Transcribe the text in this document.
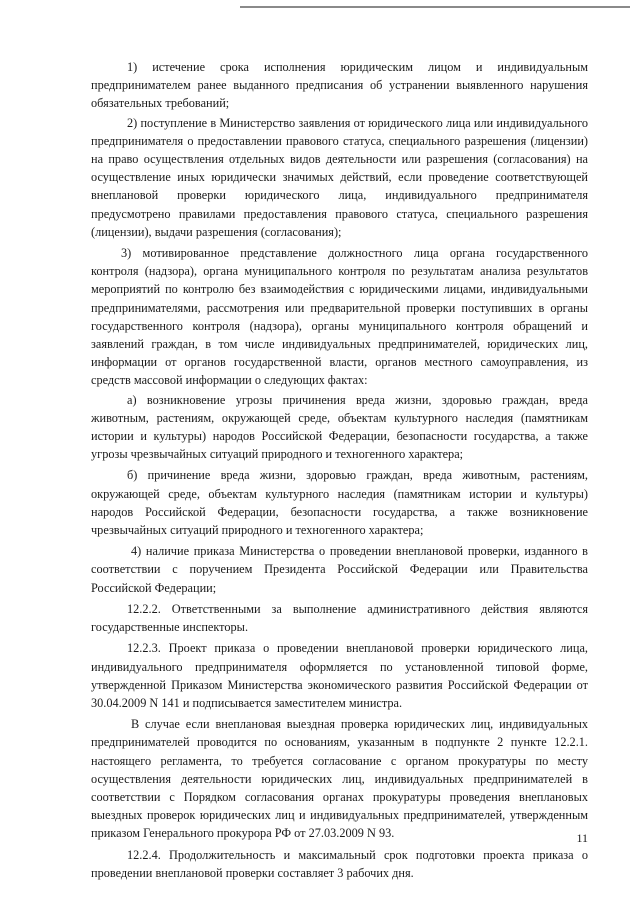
1) истечение срока исполнения юридическим лицом и индивидуальным предпринимателем ранее выданного предписания об устранении выявленного нарушения обязательных требований;

2) поступление в Министерство заявления от юридического лица или индивидуального предпринимателя о предоставлении правового статуса, специального разрешения (лицензии) на право осуществления отдельных видов деятельности или разрешения (согласования) на осуществление иных юридически значимых действий, если проведение соответствующей внеплановой проверки юридического лица, индивидуального предпринимателя предусмотрено правилами предоставления правового статуса, специального разрешения (лицензии), выдачи разрешения (согласования);

3) мотивированное представление должностного лица органа государственного контроля (надзора), органа муниципального контроля по результатам анализа результатов мероприятий по контролю без взаимодействия с юридическими лицами, индивидуальными предпринимателями, рассмотрения или предварительной проверки поступивших в органы государственного контроля (надзора), органы муниципального контроля обращений и заявлений граждан, в том числе индивидуальных предпринимателей, юридических лиц, информации от органов государственной власти, органов местного самоуправления, из средств массовой информации о следующих фактах:

а) возникновение угрозы причинения вреда жизни, здоровью граждан, вреда животным, растениям, окружающей среде, объектам культурного наследия (памятникам истории и культуры) народов Российской Федерации, безопасности государства, а также угрозы чрезвычайных ситуаций природного и техногенного характера;

б) причинение вреда жизни, здоровью граждан, вреда животным, растениям, окружающей среде, объектам культурного наследия (памятникам истории и культуры) народов Российской Федерации, безопасности государства, а также возникновение чрезвычайных ситуаций природного и техногенного характера;

4) наличие приказа Министерства о проведении внеплановой проверки, изданного в соответствии с поручением Президента Российской Федерации или Правительства Российской Федерации;

12.2.2. Ответственными за выполнение административного действия являются государственные инспекторы.

12.2.3. Проект приказа о проведении внеплановой проверки юридического лица, индивидуального предпринимателя оформляется по установленной типовой форме, утвержденной Приказом Министерства экономического развития Российской Федерации от 30.04.2009 N 141 и подписывается заместителем министра.

В случае если внеплановая выездная проверка юридических лиц, индивидуальных предпринимателей проводится по основаниям, указанным в подпункте 2 пункте 12.2.1. настоящего регламента, то требуется согласование с органом прокуратуры по месту осуществления деятельности юридических лиц, индивидуальных предпринимателей в соответствии с Порядком согласования органах прокуратуры проведения внеплановых выездных проверок юридических лиц и индивидуальных предпринимателей, утвержденным приказом Генерального прокурора РФ от 27.03.2009 N 93.

12.2.4. Продолжительность и максимальный срок подготовки проекта приказа о проведении внеплановой проверки составляет 3 рабочих дня.

11
